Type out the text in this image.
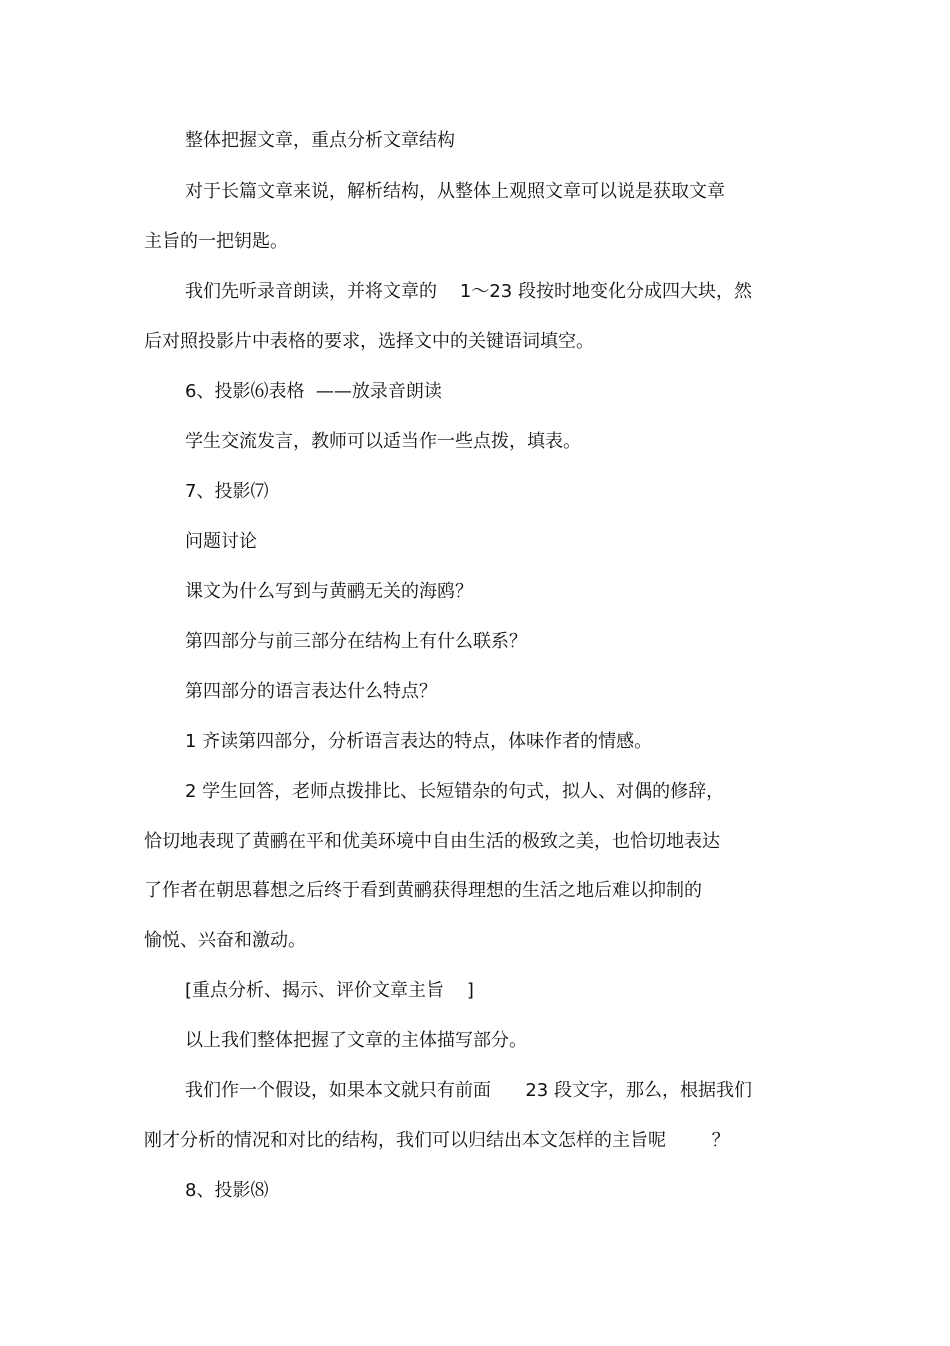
整体把握文章，重点分析文章结构
对于长篇文章来说，解析结构，从整体上观照文章可以说是获取文章
主旨的一把钥匙。
我们先听录音朗读，并将文章的    1～23 段按时地变化分成四大块，然
后对照投影片中表格的要求，选择文中的关键语词填空。
6、投影⑹表格  ——放录音朗读
学生交流发言，教师可以适当作一些点拨，填表。
7、投影⑺
问题讨论
课文为什么写到与黄鹂无关的海鸥？
第四部分与前三部分在结构上有什么联系？
第四部分的语言表达什么特点？
1 齐读第四部分，分析语言表达的特点，体味作者的情感。
2 学生回答，老师点拨排比、长短错杂的句式，拟人、对偶的修辞，
恰切地表现了黄鹂在平和优美环境中自由生活的极致之美，也恰切地表达
了作者在朝思暮想之后终于看到黄鹂获得理想的生活之地后难以抑制的
愉悦、兴奋和激动。
[重点分析、揭示、评价文章主旨    ]
以上我们整体把握了文章的主体描写部分。
我们作一个假设，如果本文就只有前面      23 段文字，那么，根据我们
刚才分析的情况和对比的结构，我们可以归结出本文怎样的主旨呢        ？
8、投影⑻
